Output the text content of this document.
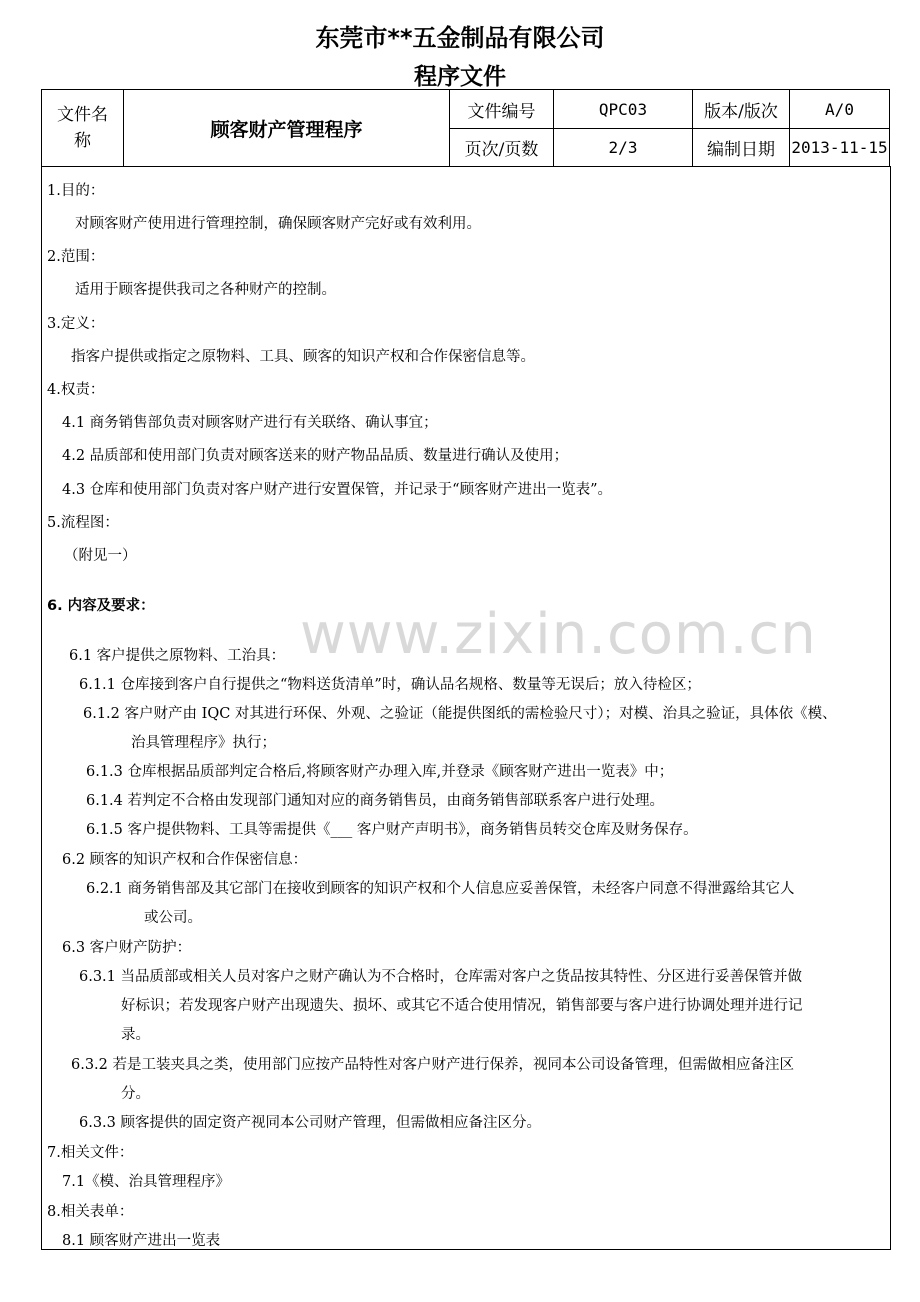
东莞市**五金制品有限公司
程序文件
文件名称	顾客财产管理程序	文件编号	QPC03	版本/版次	A/0
		页次/页数	2/3	编制日期	2013-11-15
www.zixin.com.cn
1.目的：
对顾客财产使用进行管理控制，确保顾客财产完好或有效利用。
2.范围：
适用于顾客提供我司之各种财产的控制。
3.定义：
指客户提供或指定之原物料、工具、顾客的知识产权和合作保密信息等。
4.权责：
4.1 商务销售部负责对顾客财产进行有关联络、确认事宜；
4.2 品质部和使用部门负责对顾客送来的财产物品品质、数量进行确认及使用；
4.3 仓库和使用部门负责对客户财产进行安置保管，并记录于“顾客财产进出一览表”。
5.流程图：
（附见一）
6. 内容及要求：
6.1 客户提供之原物料、工治具：
6.1.1 仓库接到客户自行提供之“物料送货清单”时，确认品名规格、数量等无误后；放入待检区；
6.1.2 客户财产由 IQC 对其进行环保、外观、之验证（能提供图纸的需检验尺寸）；对模、治具之验证，具体依《模、
治具管理程序》执行；
6.1.3 仓库根据品质部判定合格后,将顾客财产办理入库,并登录《顾客财产进出一览表》中；
6.1.4 若判定不合格由发现部门通知对应的商务销售员，由商务销售部联系客户进行处理。
6.1.5 客户提供物料、工具等需提供《___ 客户财产声明书》，商务销售员转交仓库及财务保存。
6.2 顾客的知识产权和合作保密信息：
6.2.1 商务销售部及其它部门在接收到顾客的知识产权和个人信息应妥善保管，未经客户同意不得泄露给其它人
或公司。
6.3 客户财产防护：
6.3.1 当品质部或相关人员对客户之财产确认为不合格时，仓库需对客户之货品按其特性、分区进行妥善保管并做
好标识；若发现客户财产出现遗失、损坏、或其它不适合使用情况，销售部要与客户进行协调处理并进行记
录。
6.3.2 若是工装夹具之类，使用部门应按产品特性对客户财产进行保养，视同本公司设备管理，但需做相应备注区
分。
6.3.3 顾客提供的固定资产视同本公司财产管理，但需做相应备注区分。
7.相关文件：
7.1《模、治具管理程序》
8.相关表单：
8.1 顾客财产进出一览表
